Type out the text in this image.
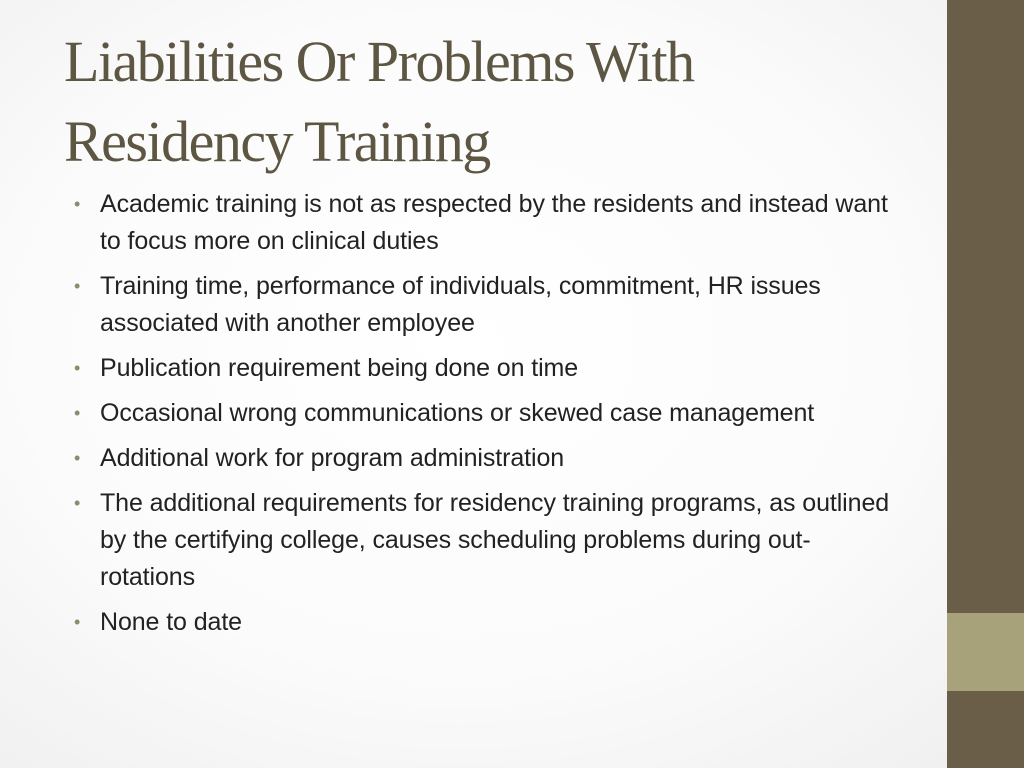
Liabilities Or Problems With
Residency Training
• Academic training is not as respected by the residents and instead want to focus more on clinical duties
• Training time, performance of individuals, commitment, HR issues associated with another employee
• Publication requirement being done on time
• Occasional wrong communications or skewed case management
• Additional work for program administration
• The additional requirements for residency training programs, as outlined by the certifying college, causes scheduling problems during out-rotations
• None to date
